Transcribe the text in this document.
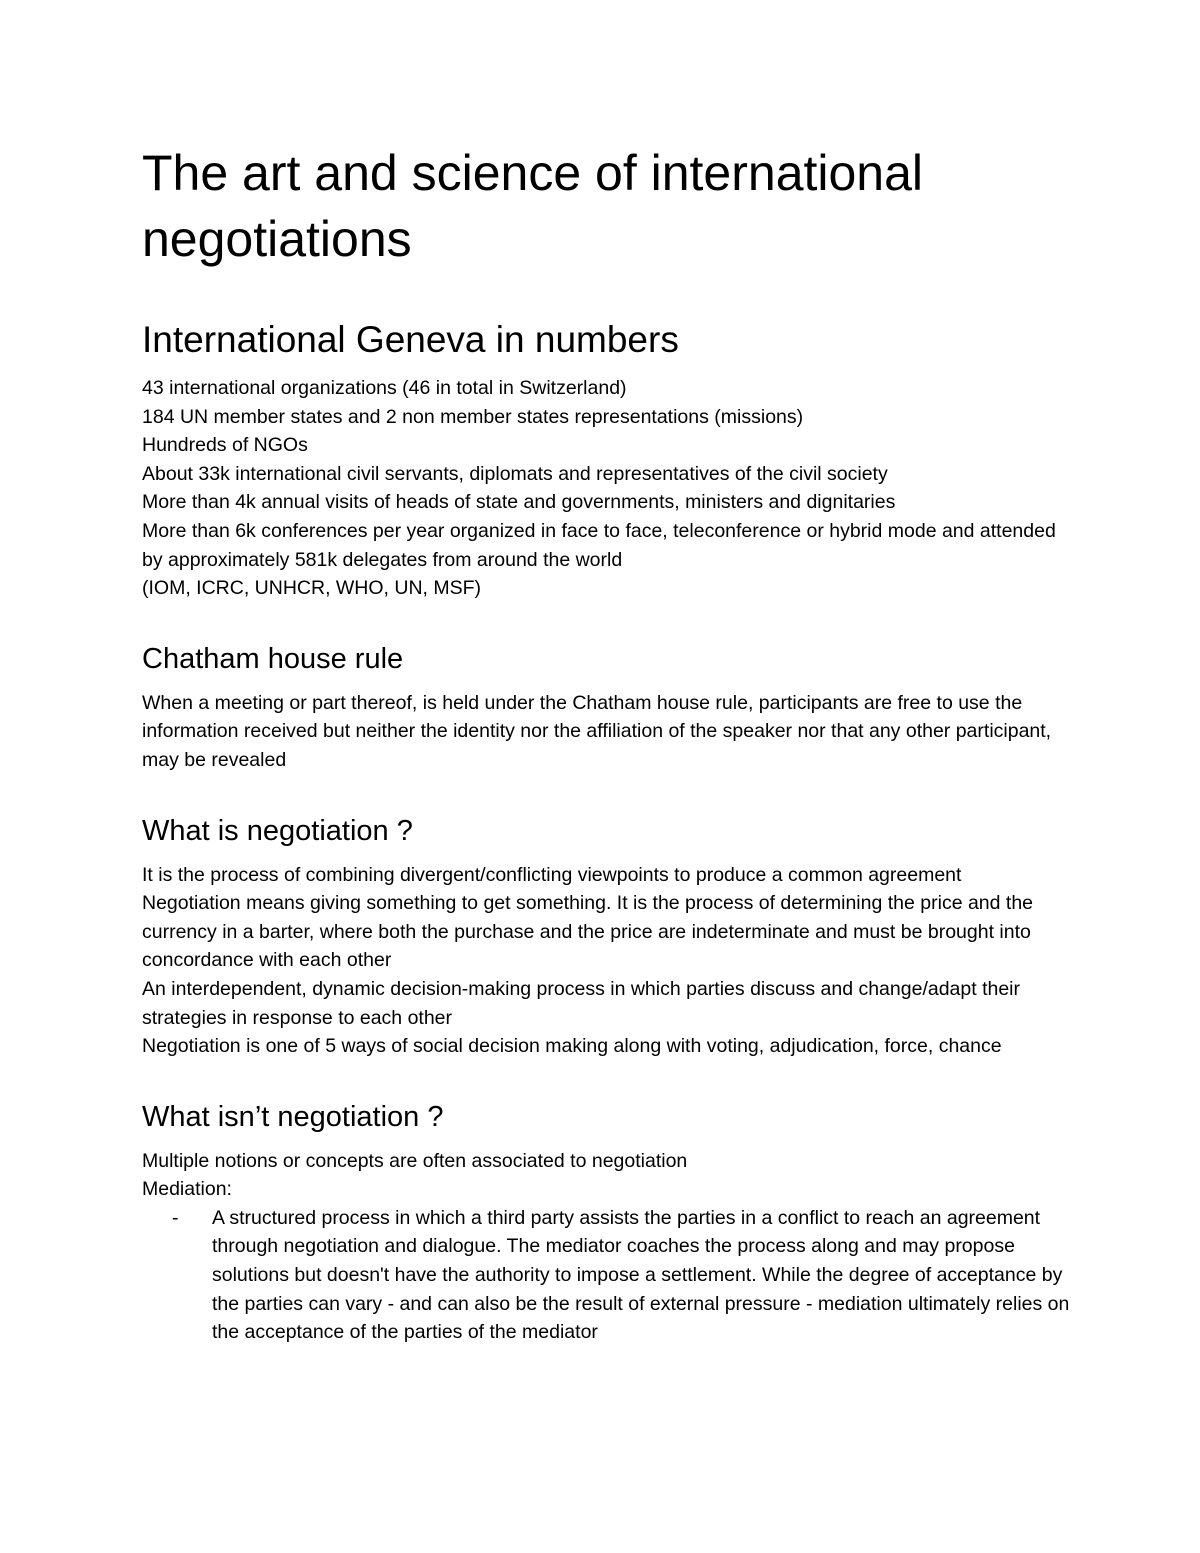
The art and science of international negotiations
International Geneva in numbers

43 international organizations (46 in total in Switzerland)

184 UN member states and 2 non member states representations (missions)

Hundreds of NGOs

About 33k international civil servants, diplomats and representatives of the civil society

More than 4k annual visits of heads of state and governments, ministers and dignitaries

More than 6k conferences per year organized in face to face, teleconference or hybrid mode and attended by approximately 581k delegates from around the world

(IOM, ICRC, UNHCR, WHO, UN, MSF)

Chatham house rule

When a meeting or part thereof, is held under the Chatham house rule, participants are free to use the information received but neither the identity nor the affiliation of the speaker nor that any other participant, may be revealed

What is negotiation ?

It is the process of combining divergent/conflicting viewpoints to produce a common agreement

Negotiation means giving something to get something. It is the process of determining the price and the currency in a barter, where both the purchase and the price are indeterminate and must be brought into concordance with each other

An interdependent, dynamic decision-making process in which parties discuss and change/adapt their strategies in response to each other

Negotiation is one of 5 ways of social decision making along with voting, adjudication, force, chance

What isn’t negotiation ?

Multiple notions or concepts are often associated to negotiation

Mediation:

- A structured process in which a third party assists the parties in a conflict to reach an agreement through negotiation and dialogue. The mediator coaches the process along and may propose solutions but doesn't have the authority to impose a settlement. While the degree of acceptance by the parties can vary - and can also be the result of external pressure - mediation ultimately relies on the acceptance of the parties of the mediator
